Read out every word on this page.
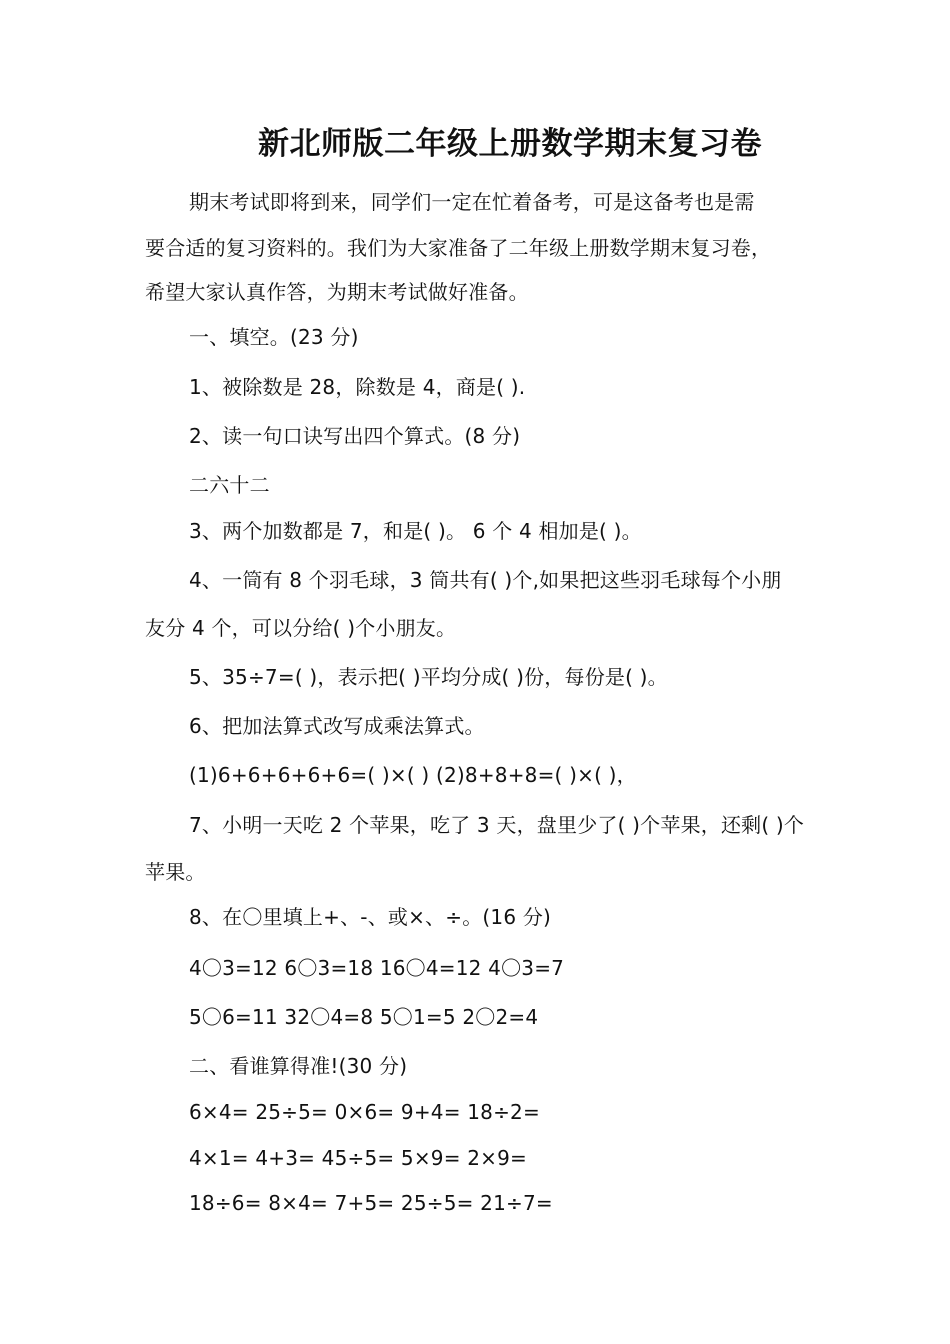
新北师版二年级上册数学期末复习卷
期末考试即将到来，同学们一定在忙着备考，可是这备考也是需
要合适的复习资料的。我们为大家准备了二年级上册数学期末复习卷，
希望大家认真作答，为期末考试做好准备。
一、填空。(23 分)
1、被除数是 28，除数是 4，商是( ).
2、读一句口诀写出四个算式。(8 分)
二六十二
3、两个加数都是 7，和是( )。 6 个 4 相加是( )。
4、一筒有 8 个羽毛球，3 筒共有( )个,如果把这些羽毛球每个小朋
友分 4 个，可以分给( )个小朋友。
5、35÷7=( )，表示把( )平均分成( )份，每份是( )。
6、把加法算式改写成乘法算式。
(1)6+6+6+6+6=( )×( ) (2)8+8+8=( )×( )，
7、小明一天吃 2 个苹果，吃了 3 天，盘里少了( )个苹果，还剩( )个
苹果。
8、在〇里填上+、-、或×、÷。(16 分)
4〇3=12 6〇3=18 16〇4=12 4〇3=7
5〇6=11 32〇4=8 5〇1=5 2〇2=4
二、看谁算得准!(30 分)
6×4= 25÷5= 0×6= 9+4= 18÷2=
4×1= 4+3= 45÷5= 5×9= 2×9=
18÷6= 8×4= 7+5= 25÷5= 21÷7=
